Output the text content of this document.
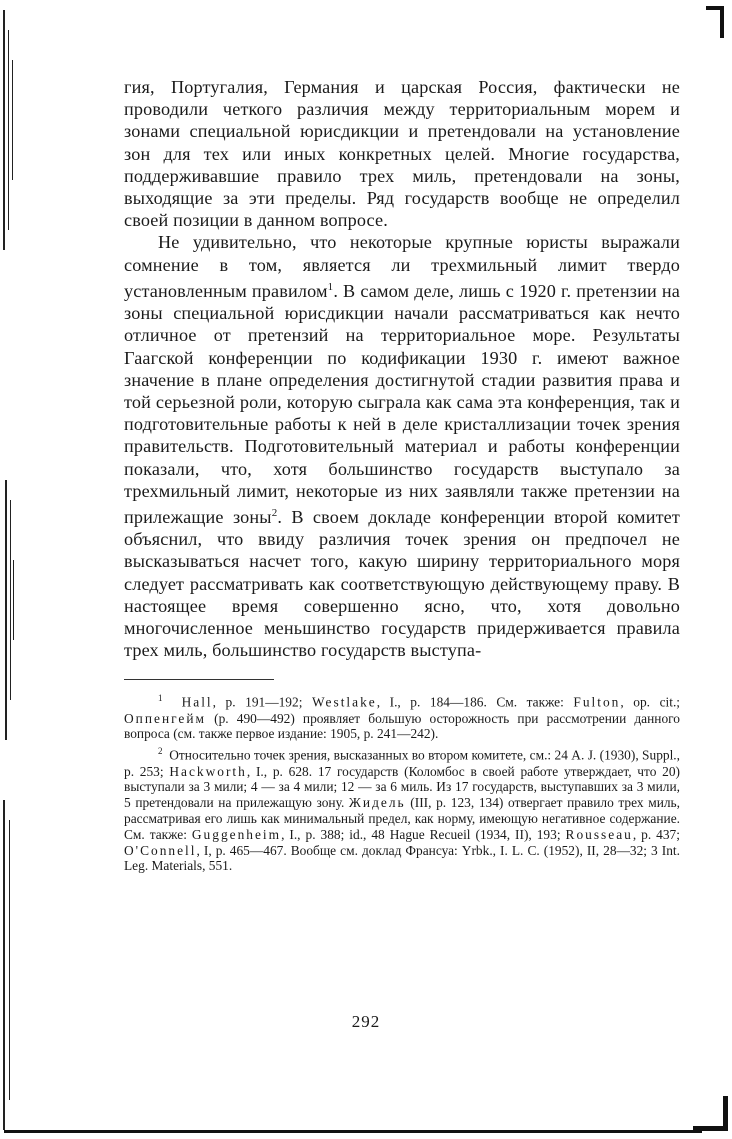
гия, Португалия, Германия и царская Россия, фактически не проводили четкого различия между территориальным морем и зонами специальной юрисдикции и претендовали на установление зон для тех или иных конкретных целей. Многие государства, поддерживавшие правило трех миль, претендовали на зоны, выходящие за эти пределы. Ряд государств вообще не определил своей позиции в данном вопросе.

Не удивительно, что некоторые крупные юристы выражали сомнение в том, является ли трехмильный лимит твердо установленным правилом$^1$. В самом деле, лишь с 1920 г. претензии на зоны специальной юрисдикции начали рассматриваться как нечто отличное от претензий на территориальное море. Результаты Гаагской конференции по кодификации 1930 г. имеют важное значение в плане определения достигнутой стадии развития права и той серьезной роли, которую сыграла как сама эта конференция, так и подготовительные работы к ней в деле кристаллизации точек зрения правительств. Подготовительный материал и работы конференции показали, что, хотя большинство государств выступало за трехмильный лимит, некоторые из них заявляли также претензии на прилежащие зоны$^2$. В своем докладе конференции второй комитет объяснил, что ввиду различия точек зрения он предпочел не высказываться насчет того, какую ширину территориального моря следует рассматривать как соответствующую действующему праву. В настоящее время совершенно ясно, что, хотя довольно многочисленное меньшинство государств придерживается правила трех миль, большинство государств выступа-

$^1$ Hall, p. 191—192; Westlake, I., p. 184—186. См. также: Fulton, op. cit.; Оппенгейм (р. 490—492) проявляет большую осторожность при рассмотрении данного вопроса (см. также первое издание: 1905, р. 241—242).

$^2$ Относительно точек зрения, высказанных во втором комитете, см.: 24 А. J. (1930), Suppl., p. 253; Hackworth, I., p. 628. 17 государств (Коломбос в своей работе утверждает, что 20) выступали за 3 мили; 4 — за 4 мили; 12 — за 6 миль. Из 17 государств, выступавших за 3 мили, 5 претендовали на прилежащую зону. Жидель (III, р. 123, 134) отвергает правило трех миль, рассматривая его лишь как минимальный предел, как норму, имеющую негативное содержание. См. также: Guggenheim, I., p. 388; id., 48 Hague Recueil (1934, II), 193; Rousseau, p. 437; O'Connell, I, p. 465—467. Вообще см. доклад Франсуа: Yrbk., I. L. C. (1952), II, 28—32; 3 Int. Leg. Materials, 551.

292
